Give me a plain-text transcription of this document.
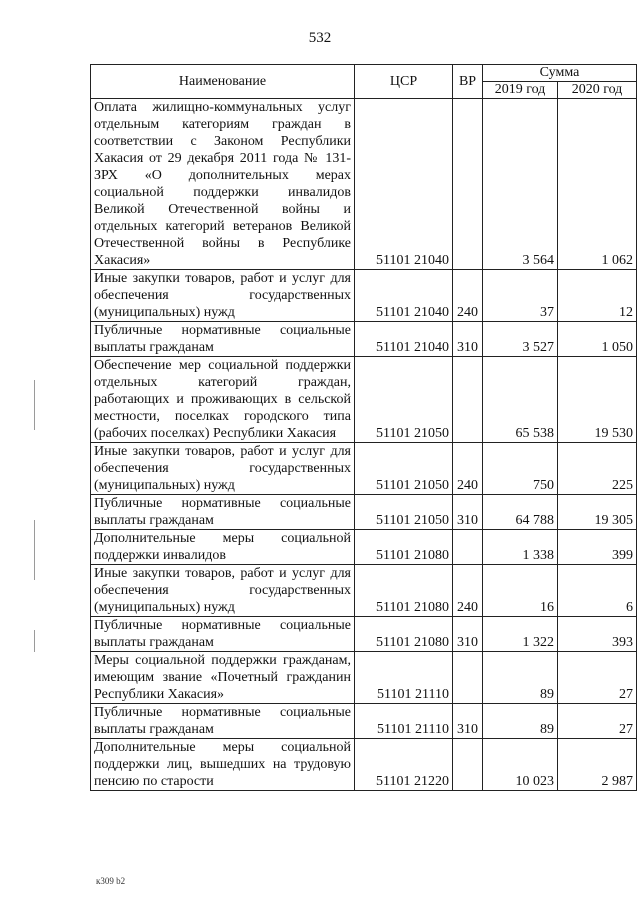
532
Наименование	ЦСР	ВР	Сумма	
			2019 год	2020 год
Оплата жилищно-коммунальных услуг отдельным категориям граждан в соответствии с Законом Республики Хакасия от 29 декабря 2011 года № 131-ЗРХ «О дополнительных мерах социальной поддержки инвалидов Великой Отечественной войны и отдельных категорий ветеранов Великой Отечественной войны в Республике Хакасия»	51101 21040		3 564	1 062
Иные закупки товаров, работ и услуг для обеспечения государственных (муниципальных) нужд	51101 21040	240	37	12
Публичные нормативные социальные выплаты гражданам	51101 21040	310	3 527	1 050
Обеспечение мер социальной поддержки отдельных категорий граждан, работающих и проживающих в сельской местности, поселках городского типа (рабочих поселках) Республики Хакасия	51101 21050		65 538	19 530
Иные закупки товаров, работ и услуг для обеспечения государственных (муниципальных) нужд	51101 21050	240	750	225
Публичные нормативные социальные выплаты гражданам	51101 21050	310	64 788	19 305
Дополнительные меры социальной поддержки инвалидов	51101 21080		1 338	399
Иные закупки товаров, работ и услуг для обеспечения государственных (муниципальных) нужд	51101 21080	240	16	6
Публичные нормативные социальные выплаты гражданам	51101 21080	310	1 322	393
Меры социальной поддержки гражданам, имеющим звание «Почетный гражданин Республики Хакасия»	51101 21110		89	27
Публичные нормативные социальные выплаты гражданам	51101 21110	310	89	27
Дополнительные меры социальной поддержки лиц, вышедших на трудовую пенсию по старости	51101 21220		10 023	2 987
к309 b2
